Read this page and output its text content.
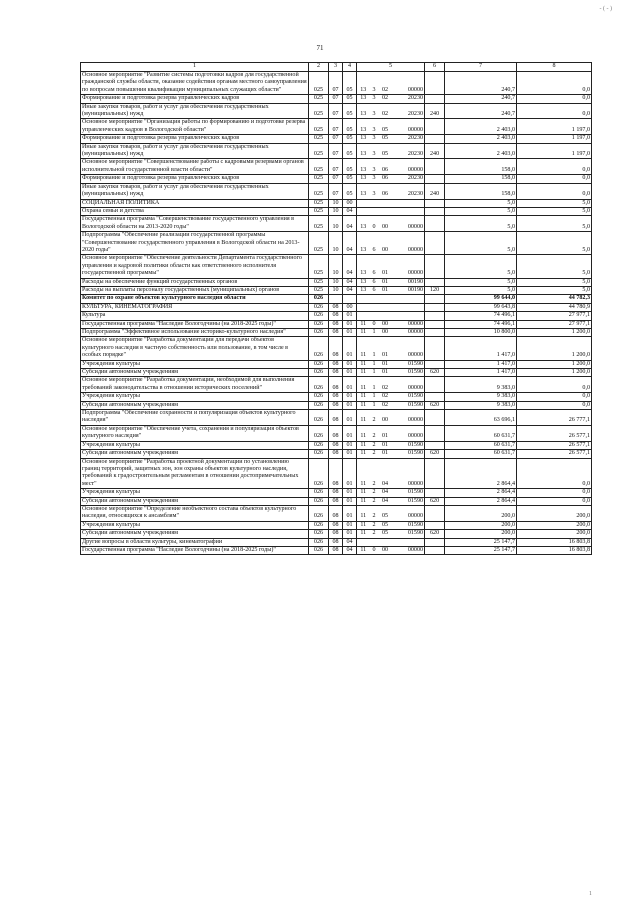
- ( - )
71
1	2	3	4	5				6	7	8
Основное мероприятие "Развитие системы подготовки кадров для государственной гражданской службы области, оказание содействия органам местного самоуправления по вопросам повышения квалификации муниципальных служащих области"	025	07	05	13	3	02	00000		240,7	0,0
Формирование и подготовка резерва управленческих кадров	025	07	05	13	3	02	20230		240,7	0,0
Иные закупки товаров, работ и услуг для обеспечения государственных (муниципальных) нужд	025	07	05	13	3	02	20230	240	240,7	0,0
Основное мероприятие "Организация работы по формированию и подготовке резерва управленческих кадров в Вологодской области"	025	07	05	13	3	05	00000		2 403,0	1 197,0
Формирование и подготовка резерва управленческих кадров	025	07	05	13	3	05	20230		2 403,0	1 197,0
Иные закупки товаров, работ и услуг для обеспечения государственных (муниципальных) нужд	025	07	05	13	3	05	20230	240	2 403,0	1 197,0
Основное мероприятие "Совершенствование работы с кадровыми резервами органов исполнительной государственной власти области"	025	07	05	13	3	06	00000		158,0	0,0
Формирование и подготовка резерва управленческих кадров	025	07	05	13	3	06	20230		158,0	0,0
Иные закупки товаров, работ и услуг для обеспечения государственных (муниципальных) нужд	025	07	05	13	3	06	20230	240	158,0	0,0
СОЦИАЛЬНАЯ ПОЛИТИКА	025	10	00						5,0	5,0
Охрана семьи и детства	025	10	04						5,0	5,0
Государственная программа "Совершенствование государственного управления в Вологодской области на 2013-2020 годы"	025	10	04	13	0	00	00000		5,0	5,0
Подпрограмма "Обеспечение реализации государственной программы "Совершенствование государственного управления в Вологодской области на 2013-2020 годы"	025	10	04	13	6	00	00000		5,0	5,0
Основное мероприятие "Обеспечение деятельности Департамента государственного управления и кадровой политики области как ответственного исполнителя государственной программы"	025	10	04	13	6	01	00000		5,0	5,0
Расходы на обеспечение функций государственных органов	025	10	04	13	6	01	00190		5,0	5,0
Расходы на выплаты персоналу государственных (муниципальных) органов	025	10	04	13	6	01	00190	120	5,0	5,0
Комитет по охране объектов культурного наследия области	026								99 644,0	44 782,3
КУЛЬТУРА, КИНЕМАТОГРАФИЯ	026	08	00						99 643,8	44 780,9
Культура	026	08	01						74 496,1	27 977,1
Государственная программа "Наследие Вологодчины (на 2018-2025 годы)"	026	08	01	11	0	00	00000		74 496,1	27 977,1
Подпрограмма "Эффективное использование историко-культурного наследия"	026	08	01	11	1	00	00000		10 800,0	1 200,0
Основное мероприятие "Разработка документации для передачи объектов культурного наследия в частную собственность или пользование, в том числе в особых порядке"	026	08	01	11	1	01	00000		1 417,0	1 200,0
Учреждения культуры	026	08	01	11	1	01	01590		1 417,0	1 200,0
Субсидии автономным учреждениям	026	08	01	11	1	01	01590	620	1 417,0	1 200,0
Основное мероприятие "Разработка документации, необходимой для выполнения требований законодательства в отношении исторических поселений"	026	08	01	11	1	02	00000		9 383,0	0,0
Учреждения культуры	026	08	01	11	1	02	01590		9 383,0	0,0
Субсидии автономным учреждениям	026	08	01	11	1	02	01590	620	9 383,0	0,0
Подпрограмма "Обеспечение сохранности и популяризация объектов культурного наследия"	026	08	01	11	2	00	00000		63 696,1	26 777,1
Основное мероприятие "Обеспечение учета, сохранения и популяризация объектов культурного наследия"	026	08	01	11	2	01	00000		60 631,7	26 577,1
Учреждения культуры	026	08	01	11	2	01	01590		60 631,7	26 577,1
Субсидии автономным учреждениям	026	08	01	11	2	01	01590	620	60 631,7	26 577,1
Основное мероприятие "Разработка проектной документации по установлению границ территорий, защитных зон, зон охраны объектов культурного наследия, требований к градостроительным регламентам в отношении достопримечательных мест"	026	08	01	11	2	04	00000		2 864,4	0,0
Учреждения культуры	026	08	01	11	2	04	01590		2 864,4	0,0
Субсидии автономным учреждениям	026	08	01	11	2	04	01590	620	2 864,4	0,0
Основное мероприятие "Определение необъектного состава объектов культурного наследия, относящихся к ансамблям"	026	08	01	11	2	05	00000		200,0	200,0
Учреждения культуры	026	08	01	11	2	05	01590		200,0	200,0
Субсидии автономным учреждениям	026	08	01	11	2	05	01590	620	200,0	200,0
Другие вопросы в области культуры, кинематографии	026	08	04						25 147,7	16 803,8
Государственная программа "Наследие Вологодчины (на 2018-2025 годы)"	026	08	04	11	0	00	00000		25 147,7	16 803,8
1
